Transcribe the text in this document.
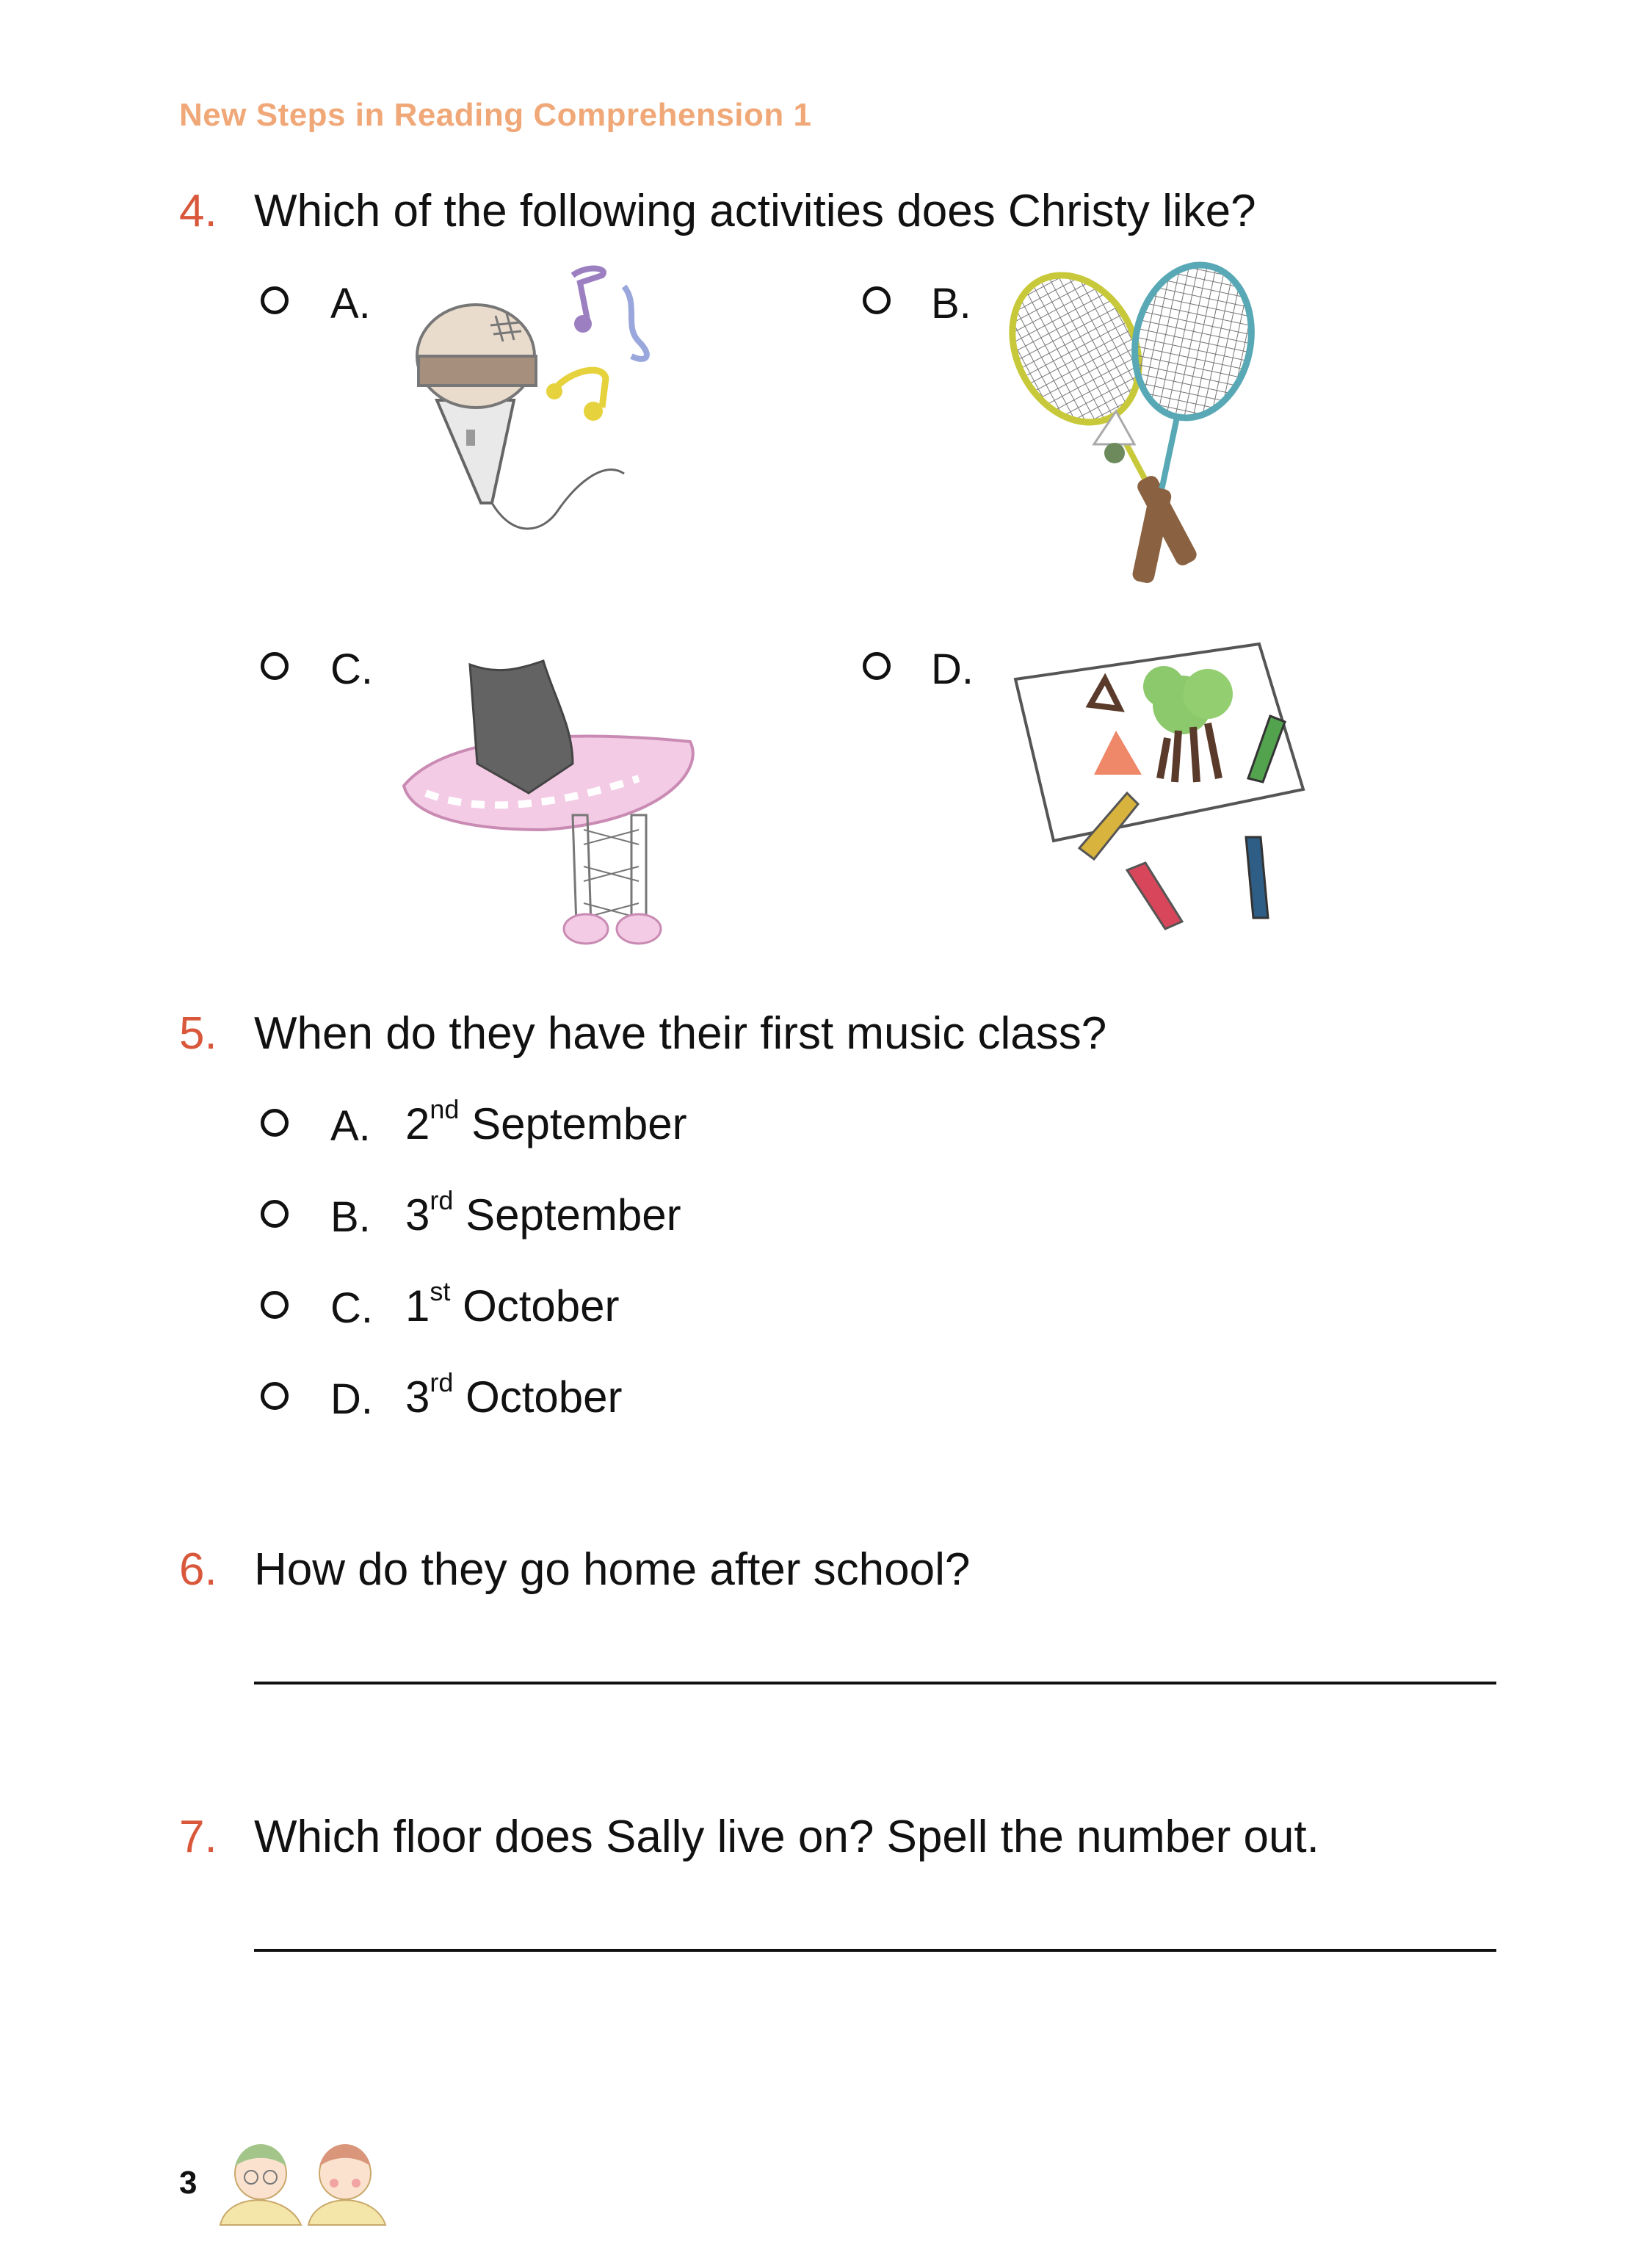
New Steps in Reading Comprehension 1
4. Which of the following activities does Christy like?
A.	B.
C.	D.
5. When do they have their first music class?
A. 2nd September
B. 3rd September
C. 1st October
D. 3rd October
6. How do they go home after school?
7. Which floor does Sally live on? Spell the number out.
3
